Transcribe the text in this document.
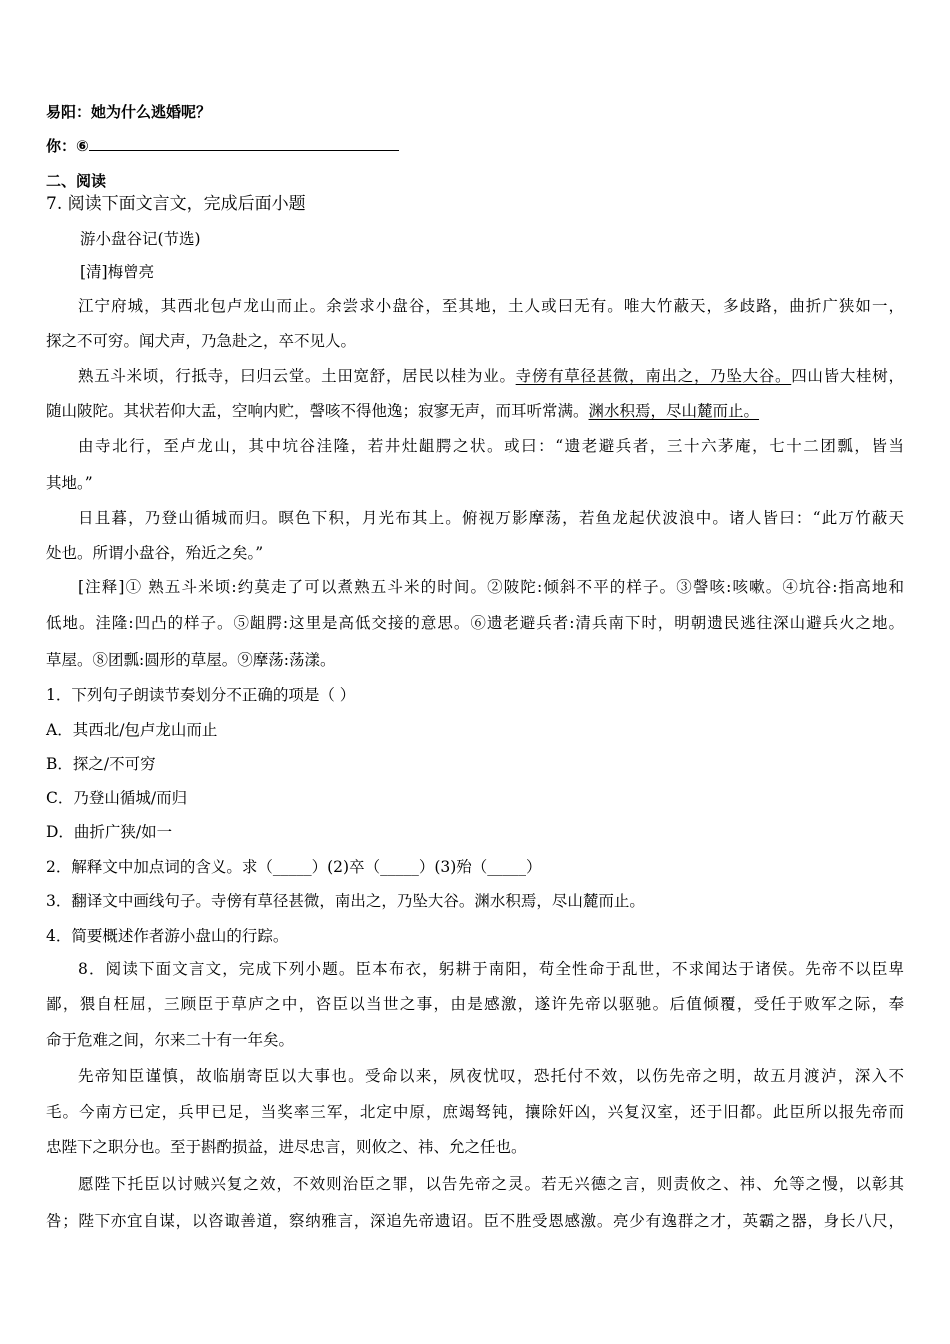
易阳：她为什么逃婚呢？
你：⑥
二、阅读
7. 阅读下面文言文，完成后面小题
游小盘谷记(节选)
[清]梅曾亮
江宁府城，其西北包卢龙山而止。余尝求小盘谷，至其地，土人或曰无有。唯大竹蔽天，多歧路，曲折广狭如一，
探之不可穷。闻犬声，乃急赴之，卒不见人。
熟五斗米顷，行抵寺，曰归云堂。土田宽舒，居民以桂为业。寺傍有草径甚微，南出之，乃坠大谷。四山皆大桂树，
随山陂陀。其状若仰大盂，空响内贮，謦咳不得他逸；寂寥无声，而耳听常满。渊水积焉，尽山麓而止。
由寺北行，至卢龙山，其中坑谷洼隆，若井灶龃腭之状。或曰：“遗老避兵者，三十六茅庵，七十二团瓢，皆当
其地。”
日且暮，乃登山循城而归。暝色下积，月光布其上。俯视万影摩荡，若鱼龙起伏波浪中。诸人皆曰：“此万竹蔽天
处也。所谓小盘谷，殆近之矣。”
[注释]① 熟五斗米顷:约莫走了可以煮熟五斗米的时间。②陂陀:倾斜不平的样子。③謦咳:咳嗽。④坑谷:指高地和
低地。洼隆:凹凸的样子。⑤龃腭:这里是高低交接的意思。⑥遗老避兵者:清兵南下时，明朝遗民逃往深山避兵火之地。
草屋。⑧团瓢:圆形的草屋。⑨摩荡:荡漾。
1．下列句子朗读节奏划分不正确的项是（ ）
A．其西北/包卢龙山而止
B．探之/不可穷
C．乃登山循城/而归
D．曲折广狭/如一
2．解释文中加点词的含义。求（_____）(2)卒（_____）(3)殆（_____）
3．翻译文中画线句子。寺傍有草径甚微，南出之，乃坠大谷。渊水积焉，尽山麓而止。
4．简要概述作者游小盘山的行踪。
8．阅读下面文言文，完成下列小题。臣本布衣，躬耕于南阳，苟全性命于乱世，不求闻达于诸侯。先帝不以臣卑
鄙，猥自枉屈，三顾臣于草庐之中，咨臣以当世之事，由是感激，遂许先帝以驱驰。后值倾覆，受任于败军之际，奉
命于危难之间，尔来二十有一年矣。
先帝知臣谨慎，故临崩寄臣以大事也。受命以来，夙夜忧叹，恐托付不效，以伤先帝之明，故五月渡泸，深入不
毛。今南方已定，兵甲已足，当奖率三军，北定中原，庶竭驽钝，攘除奸凶，兴复汉室，还于旧都。此臣所以报先帝而
忠陛下之职分也。至于斟酌损益，进尽忠言，则攸之、祎、允之任也。
愿陛下托臣以讨贼兴复之效，不效则治臣之罪，以告先帝之灵。若无兴德之言，则责攸之、祎、允等之慢，以彰其
咎；陛下亦宜自谋，以咨诹善道，察纳雅言，深追先帝遗诏。臣不胜受恩感激。亮少有逸群之才，英霸之器，身长八尺，
